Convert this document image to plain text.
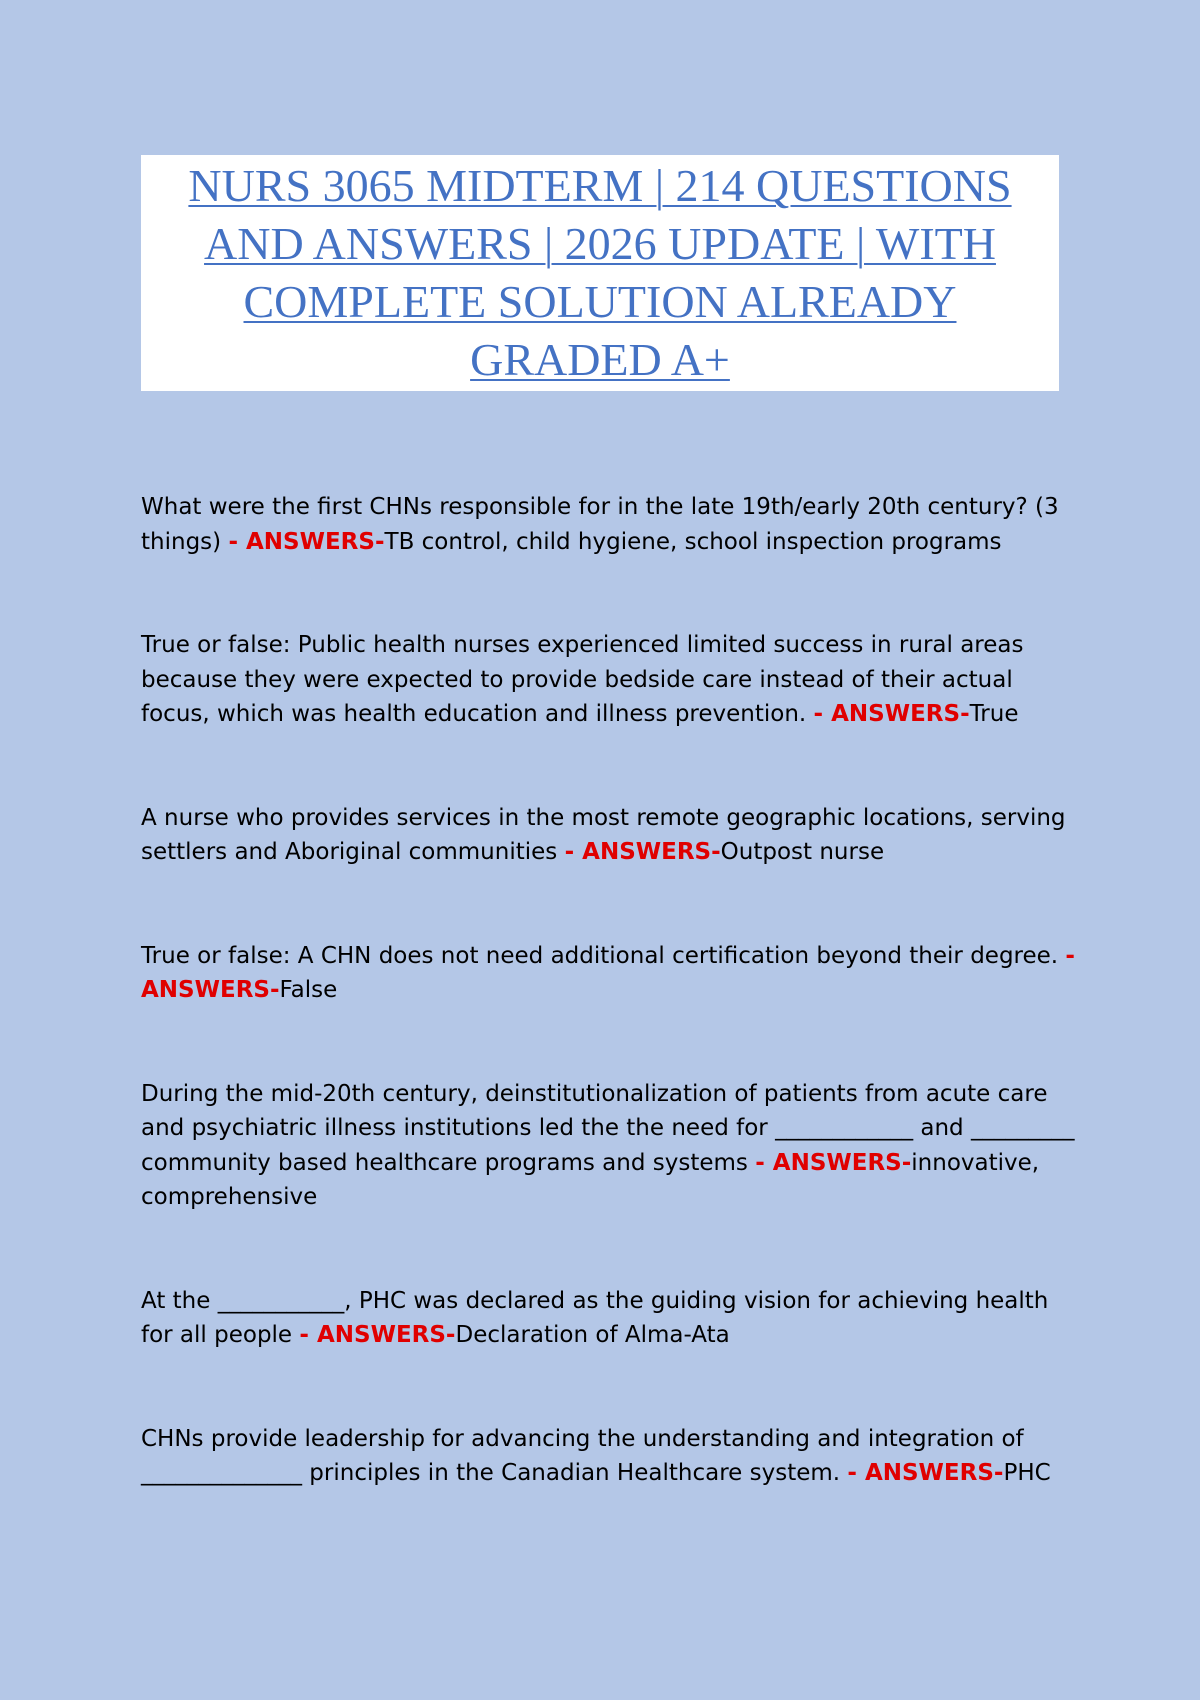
NURS 3065 MIDTERM | 214 QUESTIONS AND ANSWERS | 2026 UPDATE | WITH COMPLETE SOLUTION ALREADY GRADED A+

What were the first CHNs responsible for in the late 19th/early 20th century? (3 things) - ANSWERS-TB control, child hygiene, school inspection programs

True or false: Public health nurses experienced limited success in rural areas because they were expected to provide bedside care instead of their actual focus, which was health education and illness prevention. - ANSWERS-True

A nurse who provides services in the most remote geographic locations, serving settlers and Aboriginal communities - ANSWERS-Outpost nurse

True or false: A CHN does not need additional certification beyond their degree. - ANSWERS-False

During the mid-20th century, deinstitutionalization of patients from acute care and psychiatric illness institutions led the the need for ____________ and _________ community based healthcare programs and systems - ANSWERS-innovative, comprehensive

At the ___________, PHC was declared as the guiding vision for achieving health for all people - ANSWERS-Declaration of Alma-Ata

CHNs provide leadership for advancing the understanding and integration of ______________ principles in the Canadian Healthcare system. - ANSWERS-PHC
